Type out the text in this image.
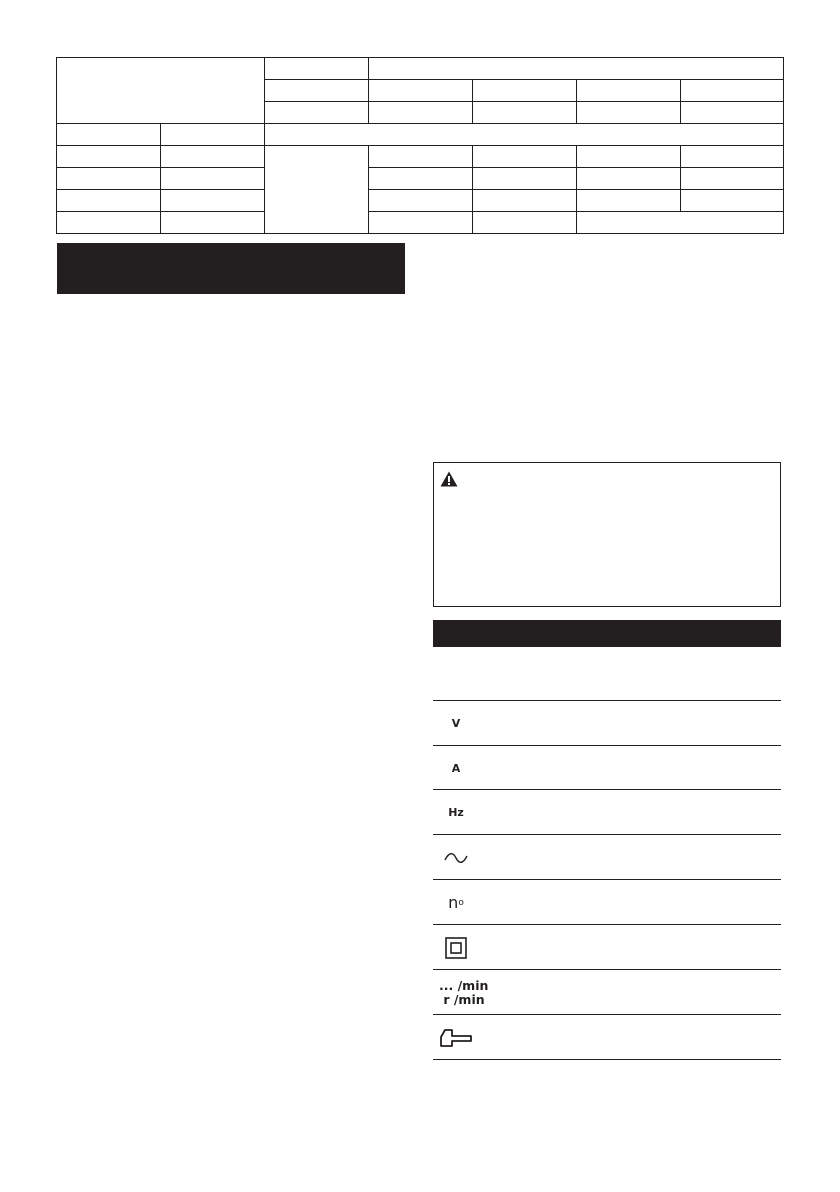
V
A
Hz
n o
... /min
r /min
